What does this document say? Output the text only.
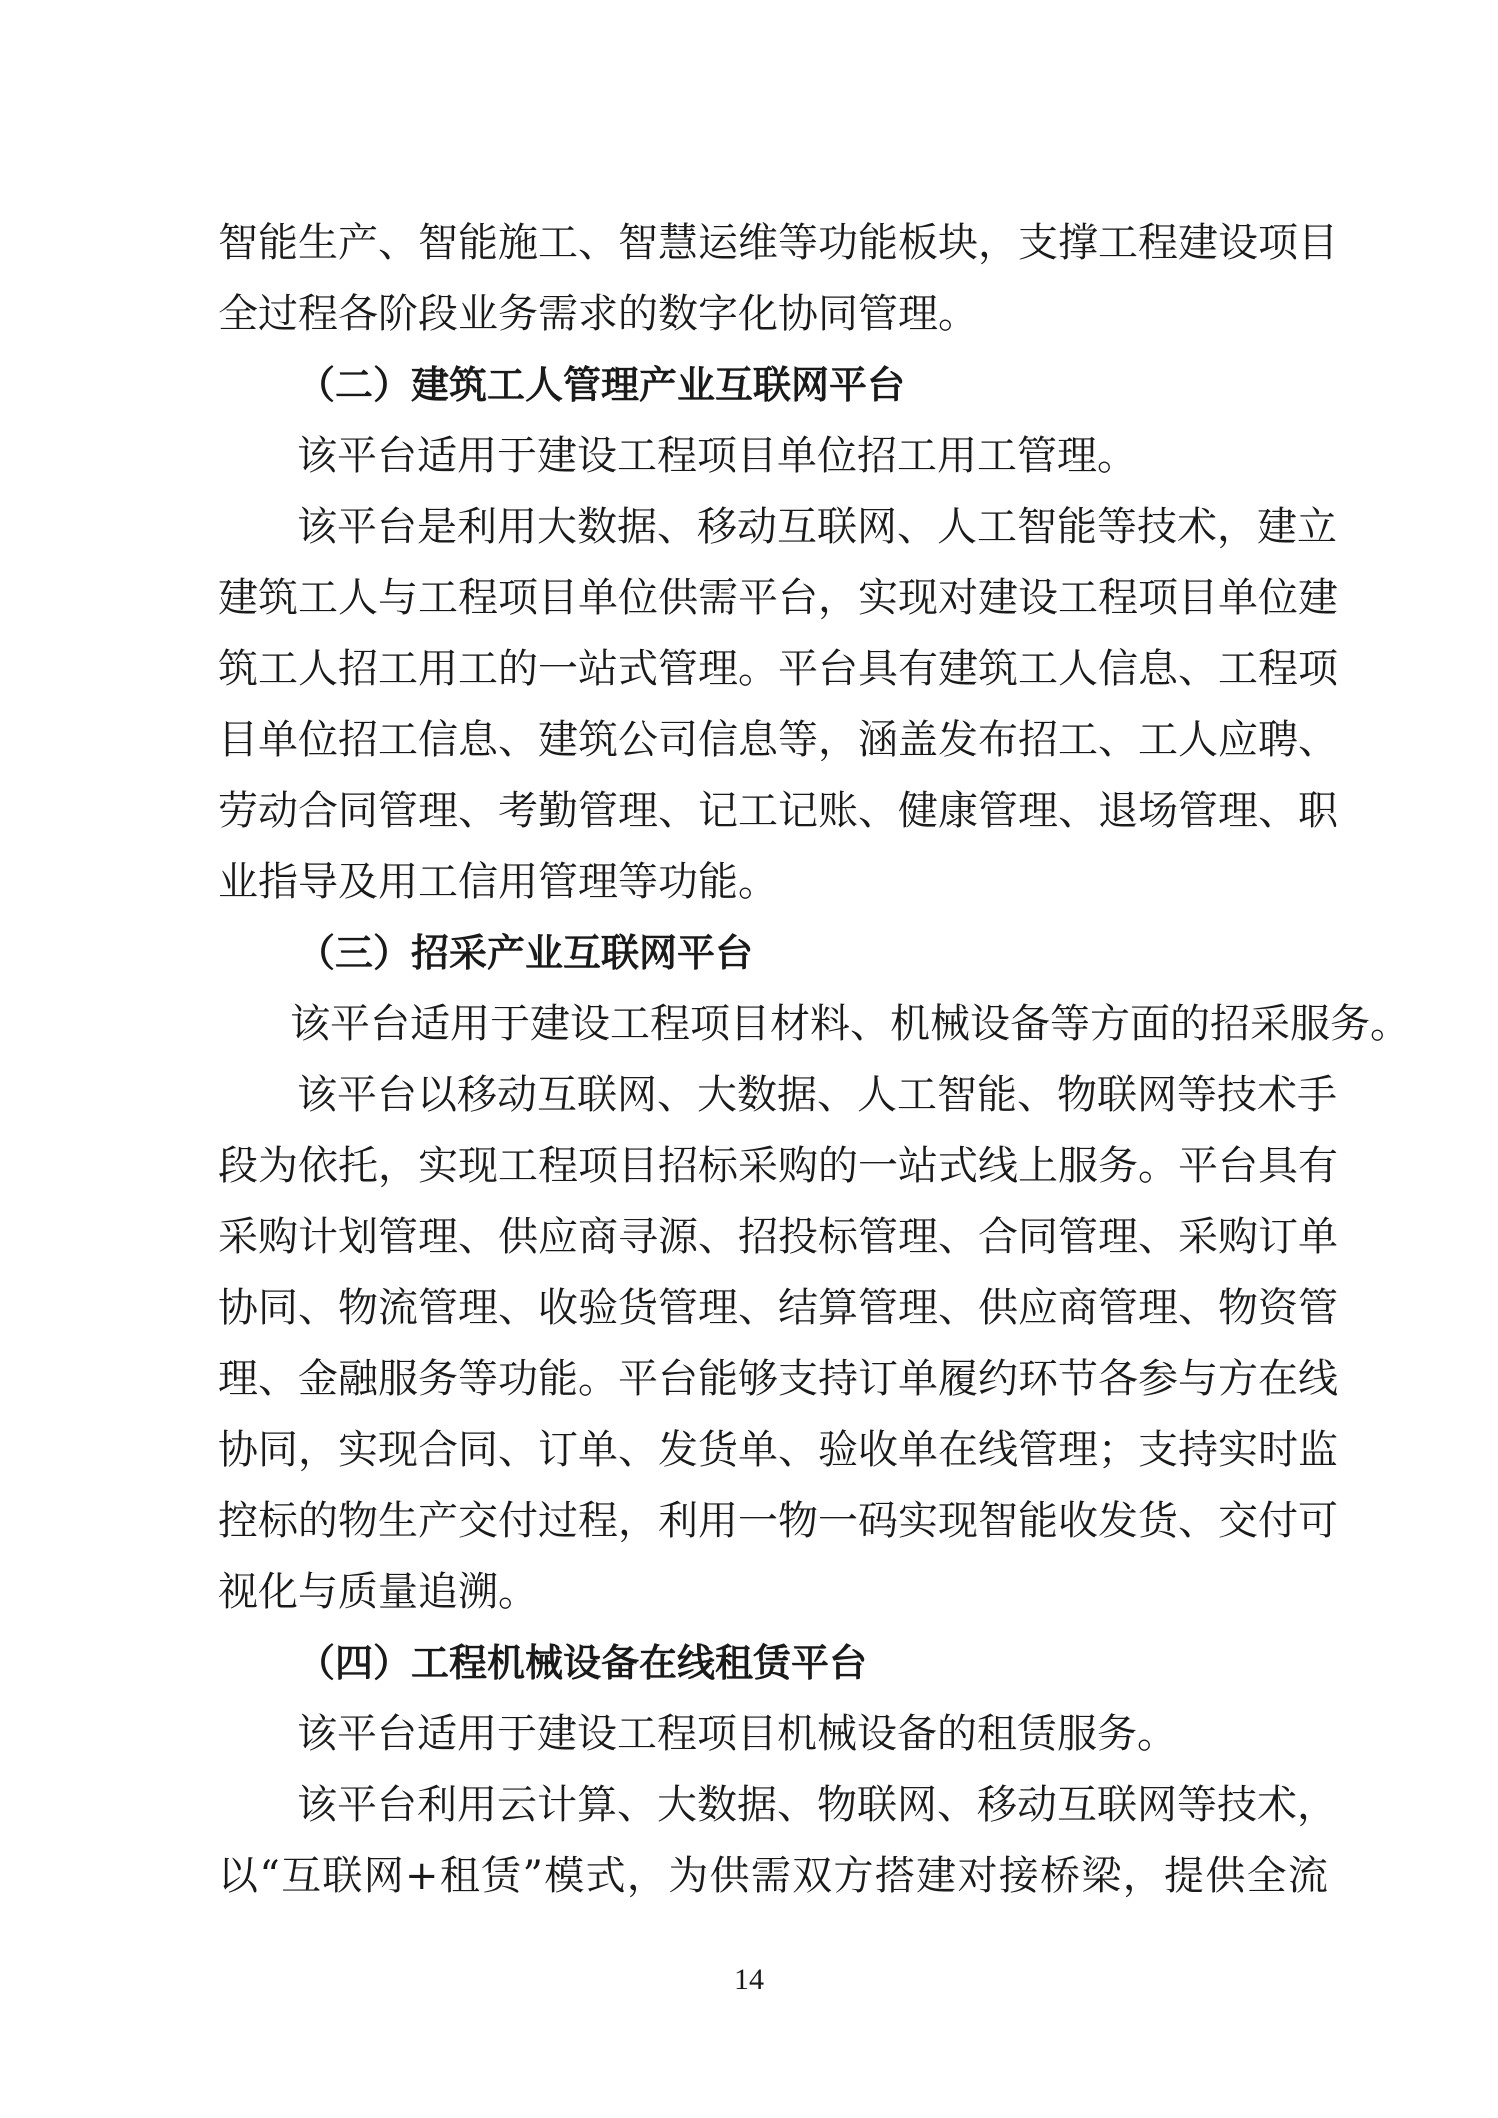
智能生产、智能施工、智慧运维等功能板块，支撑工程建设项目
全过程各阶段业务需求的数字化协同管理。
（二）建筑工人管理产业互联网平台
该平台适用于建设工程项目单位招工用工管理。
该平台是利用大数据、移动互联网、人工智能等技术，建立
建筑工人与工程项目单位供需平台，实现对建设工程项目单位建
筑工人招工用工的一站式管理。平台具有建筑工人信息、工程项
目单位招工信息、建筑公司信息等，涵盖发布招工、工人应聘、
劳动合同管理、考勤管理、记工记账、健康管理、退场管理、职
业指导及用工信用管理等功能。
（三）招采产业互联网平台
该平台适用于建设工程项目材料、机械设备等方面的招采服务。
该平台以移动互联网、大数据、人工智能、物联网等技术手
段为依托，实现工程项目招标采购的一站式线上服务。平台具有
采购计划管理、供应商寻源、招投标管理、合同管理、采购订单
协同、物流管理、收验货管理、结算管理、供应商管理、物资管
理、金融服务等功能。平台能够支持订单履约环节各参与方在线
协同，实现合同、订单、发货单、验收单在线管理；支持实时监
控标的物生产交付过程，利用一物一码实现智能收发货、交付可
视化与质量追溯。
（四）工程机械设备在线租赁平台
该平台适用于建设工程项目机械设备的租赁服务。
该平台利用云计算、大数据、物联网、移动互联网等技术，
以“互联网+租赁”模式，为供需双方搭建对接桥梁，提供全流
14
